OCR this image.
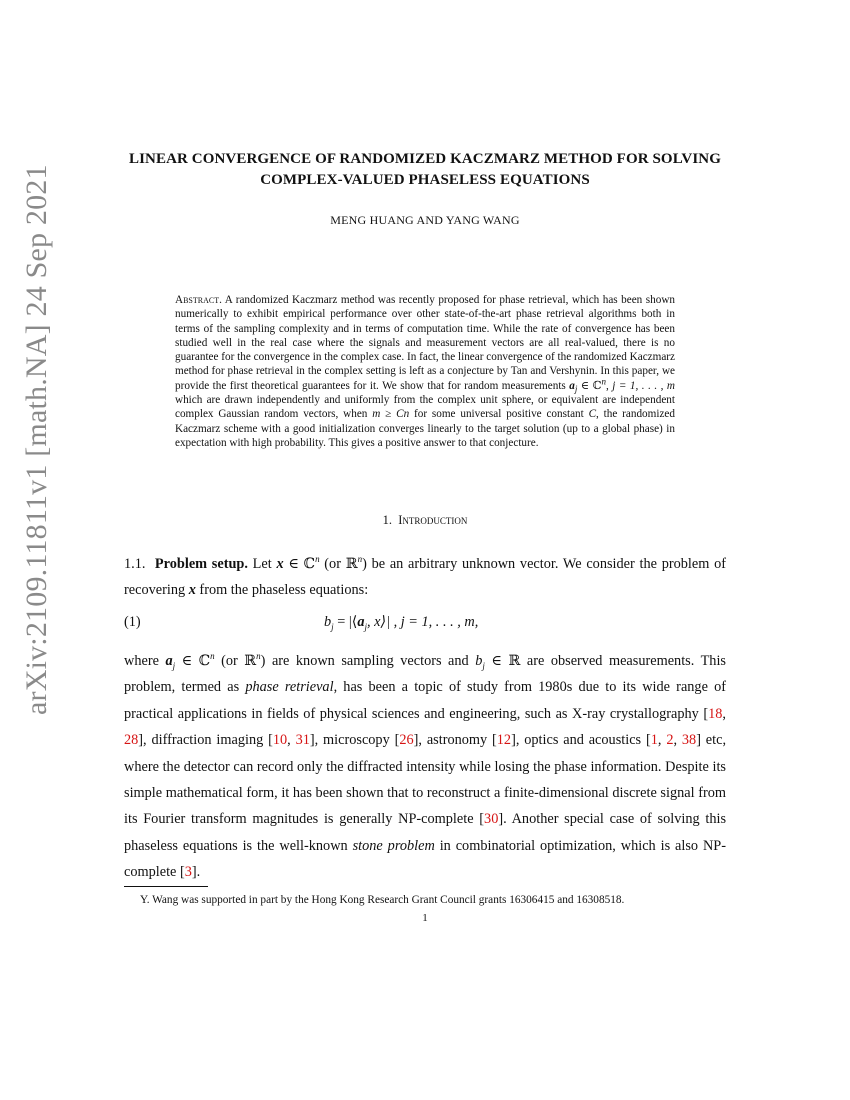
arXiv:2109.11811v1 [math.NA] 24 Sep 2021
LINEAR CONVERGENCE OF RANDOMIZED KACZMARZ METHOD FOR SOLVING
COMPLEX-VALUED PHASELESS EQUATIONS
MENG HUANG AND YANG WANG
Abstract. A randomized Kaczmarz method was recently proposed for phase retrieval, which has been shown numerically to exhibit empirical performance over other state-of-the-art phase retrieval algorithms both in terms of the sampling complexity and in terms of computation time. While the rate of convergence has been studied well in the real case where the signals and measurement vectors are all real-valued, there is no guarantee for the convergence in the complex case. In fact, the linear convergence of the randomized Kaczmarz method for phase retrieval in the complex setting is left as a conjecture by Tan and Vershynin. In this paper, we provide the first theoretical guarantees for it. We show that for random measurements $a_j$ ∈ ℂ$^n$, j = 1, . . . , m which are drawn independently and uniformly from the complex unit sphere, or equivalent are independent complex Gaussian random vectors, when m ≥ Cn for some universal positive constant C, the randomized Kaczmarz scheme with a good initialization converges linearly to the target solution (up to a global phase) in expectation with high probability. This gives a positive answer to that conjecture.
1. Introduction
1.1. Problem setup. Let x ∈ ℂ$^n$ (or ℝ$^n$) be an arbitrary unknown vector. We consider the problem of recovering x from the phaseless equations:
(1)	$b_j$ = $|⟨a_j$, x⟩| , j = 1, . . . , m,
where $a_j$ ∈ ℂ$^n$ (or ℝ$^n$) are known sampling vectors and $b_j$ ∈ ℝ are observed measurements. This problem, termed as phase retrieval, has been a topic of study from 1980s due to its wide range of practical applications in fields of physical sciences and engineering, such as X-ray crystallography [18, 28], diffraction imaging [10, 31], microscopy [26], astronomy [12], optics and acoustics [1, 2, 38] etc, where the detector can record only the diffracted intensity while losing the phase information. Despite its simple mathematical form, it has been shown that to reconstruct a finite-dimensional discrete signal from its Fourier transform magnitudes is generally NP-complete [30]. Another special case of solving this phaseless equations is the well-known stone problem in combinatorial optimization, which is also NP-complete [3].
Y. Wang was supported in part by the Hong Kong Research Grant Council grants 16306415 and 16308518.
1
